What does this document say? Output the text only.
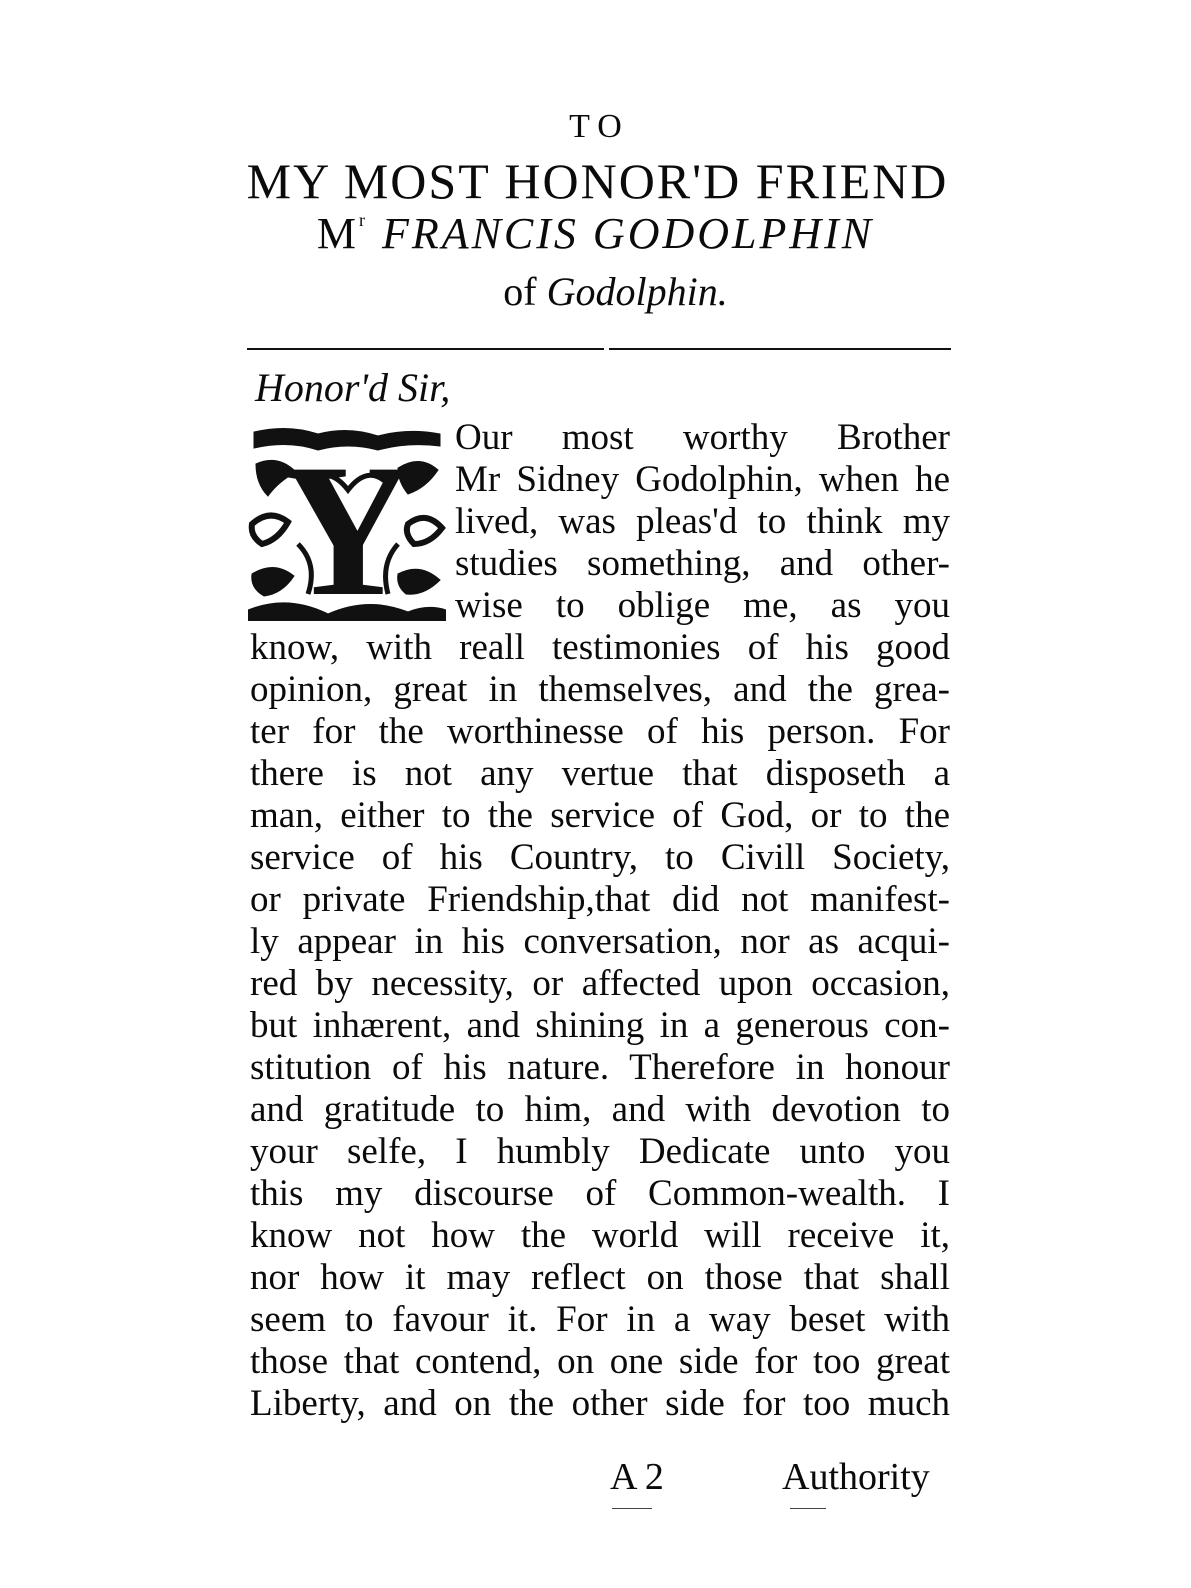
TO
MY MOST HONOR'D FRIEND
$M^r$ FRANCIS GODOLPHIN
of Godolphin.
Honor'd Sir,
Y Our most worthy Brother
Mr Sidney Godolphin, when he
lived, was pleas'd to think my
studies something, and other-
wise to oblige me, as you
know, with reall testimonies of his good
opinion, great in themselves, and the grea-
ter for the worthinesse of his person. For
there is not any vertue that disposeth a
man, either to the service of God, or to the
service of his Country, to Civill Society,
or private Friendship,that did not manifest-
ly appear in his conversation, nor as acqui-
red by necessity, or affected upon occasion,
but inhærent, and shining in a generous con-
stitution of his nature. Therefore in honour
and gratitude to him, and with devotion to
your selfe, I humbly Dedicate unto you
this my discourse of Common-wealth. I
know not how the world will receive it,
nor how it may reflect on those that shall
seem to favour it. For in a way beset with
those that contend, on one side for too great
Liberty, and on the other side for too much
A 2	Authority
